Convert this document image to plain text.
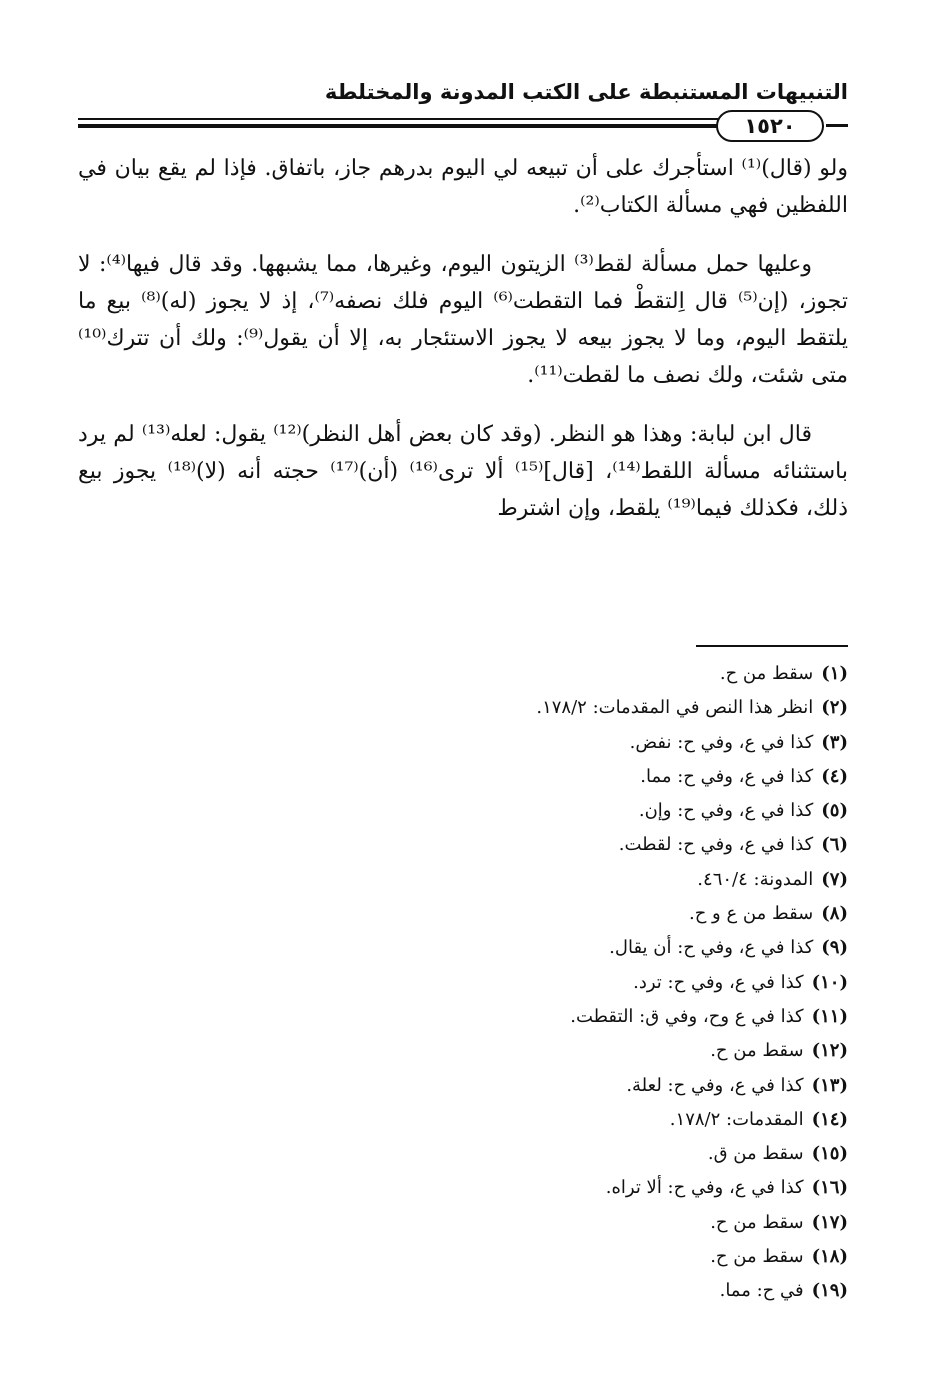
التنبيهات المستنبطة على الكتب المدونة والمختلطة
١٥٢٠

ولو (قال)⁽¹⁾ استأجرك على أن تبيعه لي اليوم بدرهم جاز، باتفاق. فإذا لم يقع بيان في اللفظين فهي مسألة الكتاب⁽²⁾.

وعليها حمل مسألة لقط⁽³⁾ الزيتون اليوم، وغيرها، مما يشبهها. وقد قال فيها⁽⁴⁾: لا تجوز، (إن⁽⁵⁾ قال اِلتقطْ فما التقطت⁽⁶⁾ اليوم فلك نصفه⁽⁷⁾، إذ لا يجوز (له)⁽⁸⁾ بيع ما يلتقط اليوم، وما لا يجوز بيعه لا يجوز الاستئجار به، إلا أن يقول⁽⁹⁾: ولك أن تترك⁽¹⁰⁾ متى شئت، ولك نصف ما لقطت⁽¹¹⁾.

قال ابن لبابة: وهذا هو النظر. (وقد كان بعض أهل النظر)⁽¹²⁾ يقول: لعله⁽¹³⁾ لم يرد باستثنائه مسألة اللقط⁽¹⁴⁾، [قال]⁽¹⁵⁾ ألا ترى⁽¹⁶⁾ (أن)⁽¹⁷⁾ حجته أنه (لا)⁽¹⁸⁾ يجوز بيع ذلك، فكذلك فيما⁽¹⁹⁾ يلقط، وإن اشترط

(١)سقط من ح.
(٢)انظر هذا النص في المقدمات: ١٧٨/٢.
(٣)كذا في ع، وفي ح: نفض.
(٤)كذا في ع، وفي ح: مما.
(٥)كذا في ع، وفي ح: وإن.
(٦)كذا في ع، وفي ح: لقطت.
(٧)المدونة: ٤٦٠/٤.
(٨)سقط من ع و ح.
(٩)كذا في ع، وفي ح: أن يقال.
(١٠)كذا في ع، وفي ح: ترد.
(١١)كذا في ع وح، وفي ق: التقطت.
(١٢)سقط من ح.
(١٣)كذا في ع، وفي ح: لعلة.
(١٤)المقدمات: ١٧٨/٢.
(١٥)سقط من ق.
(١٦)كذا في ع، وفي ح: ألا تراه.
(١٧)سقط من ح.
(١٨)سقط من ح.
(١٩)في ح: مما.
